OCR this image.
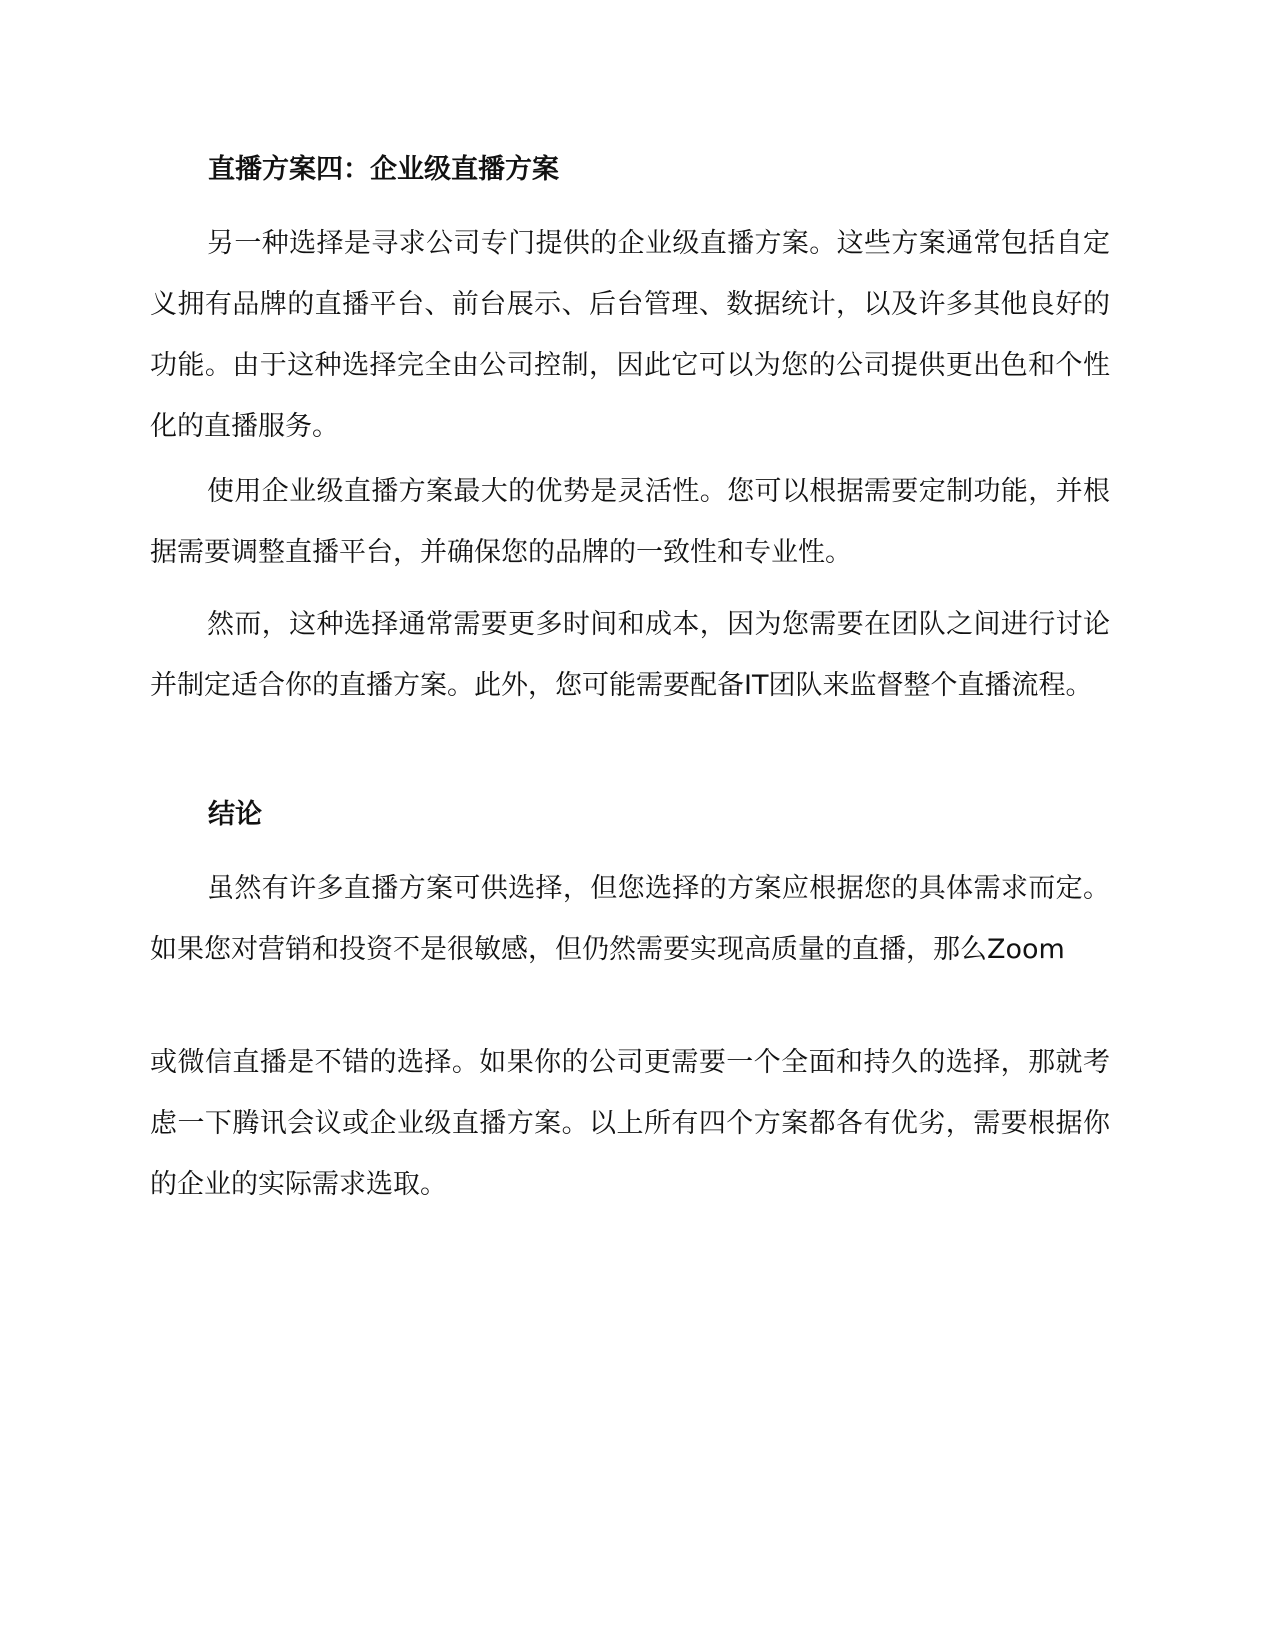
直播方案四：企业级直播方案

另一种选择是寻求公司专门提供的企业级直播方案。这些方案通常包括自定义拥有品牌的直播平台、前台展示、后台管理、数据统计，以及许多其他良好的功能。由于这种选择完全由公司控制，因此它可以为您的公司提供更出色和个性化的直播服务。

使用企业级直播方案最大的优势是灵活性。您可以根据需要定制功能，并根据需要调整直播平台，并确保您的品牌的一致性和专业性。

然而，这种选择通常需要更多时间和成本，因为您需要在团队之间进行讨论并制定适合你的直播方案。此外，您可能需要配备IT团队来监督整个直播流程。

结论

虽然有许多直播方案可供选择，但您选择的方案应根据您的具体需求而定。如果您对营销和投资不是很敏感，但仍然需要实现高质量的直播，那么Zoom

或微信直播是不错的选择。如果你的公司更需要一个全面和持久的选择，那就考虑一下腾讯会议或企业级直播方案。以上所有四个方案都各有优劣，需要根据你的企业的实际需求选取。
